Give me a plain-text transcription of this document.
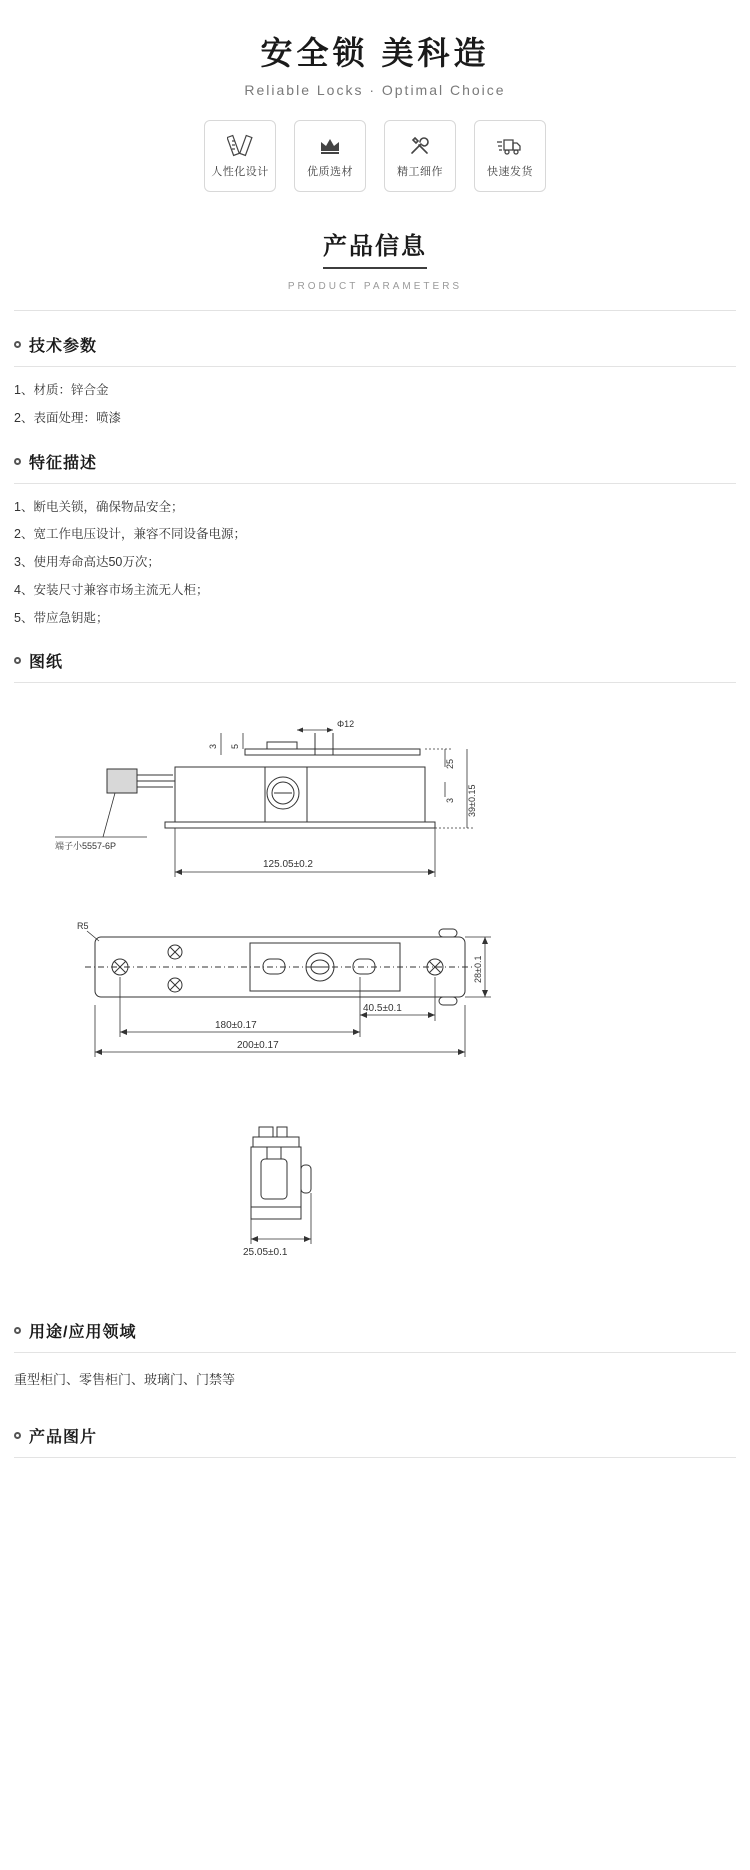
安全锁 美科造
Reliable Locks · Optimal Choice
人性化设计	优质选材	精工细作	快速发货
产品信息
PRODUCT PARAMETERS
技术参数

1、材质：锌合金

2、表面处理：喷漆

特征描述

1、断电关锁，确保物品安全；

2、宽工作电压设计，兼容不同设备电源；

3、使用寿命高达50万次；

4、安装尺寸兼容市场主流无人柜；

5、带应急钥匙；

图纸
Φ12
3 5
25
3 39±0.15
端子小5557-6P
125.05±0.2
R5
28±0.1
180±0.17
40.5±0.1
200±0.17
25.05±0.1
用途/应用领域

重型柜门、零售柜门、玻璃门、门禁等

产品图片
